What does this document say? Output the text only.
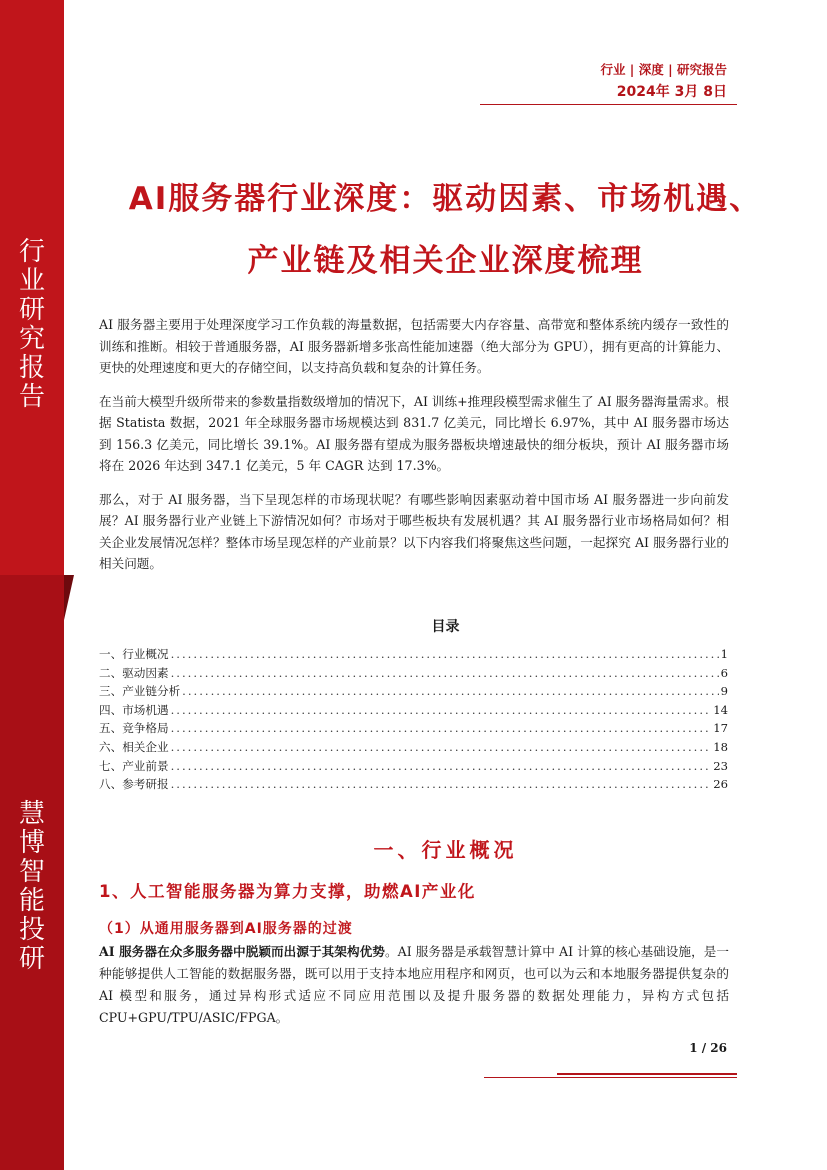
行
业
研
究
报
告
慧
博
智
能
投
研
行业 | 深度 | 研究报告
2024年 3月 8日
AI服务器行业深度：驱动因素、市场机遇、
产业链及相关企业深度梳理

AI 服务器主要用于处理深度学习工作负载的海量数据，包括需要大内存容量、高带宽和整体系统内缓存一致性的训练和推断。相较于普通服务器，AI 服务器新增多张高性能加速器（绝大部分为 GPU），拥有更高的计算能力、更快的处理速度和更大的存储空间，以支持高负载和复杂的计算任务。

在当前大模型升级所带来的参数量指数级增加的情况下，AI 训练+推理段模型需求催生了 AI 服务器海量需求。根据 Statista 数据，2021 年全球服务器市场规模达到 831.7 亿美元，同比增长 6.97%，其中 AI 服务器市场达到 156.3 亿美元，同比增长 39.1%。AI 服务器有望成为服务器板块增速最快的细分板块，预计 AI 服务器市场将在 2026 年达到 347.1 亿美元，5 年 CAGR 达到 17.3%。

那么，对于 AI 服务器，当下呈现怎样的市场现状呢？有哪些影响因素驱动着中国市场 AI 服务器进一步向前发展？AI 服务器行业产业链上下游情况如何？市场对于哪些板块有发展机遇？其 AI 服务器行业市场格局如何？相关企业发展情况怎样？整体市场呈现怎样的产业前景？以下内容我们将聚焦这些问题，一起探究 AI 服务器行业的相关问题。

目录
一、行业概况 .....	1
二、驱动因素 .....	6
三、产业链分析 .....	9
四、市场机遇 .....	14
五、竞争格局 .....	17
六、相关企业 .....	18
七、产业前景 .....	23
八、参考研报 .....	26
一、行业概况
1、人工智能服务器为算力支撑，助燃AI产业化
（1）从通用服务器到AI服务器的过渡
AI 服务器在众多服务器中脱颖而出源于其架构优势。AI 服务器是承载智慧计算中 AI 计算的核心基础设施，是一种能够提供人工智能的数据服务器，既可以用于支持本地应用程序和网页，也可以为云和本地服务器提供复杂的 AI 模型和服务，通过异构形式适应不同应用范围以及提升服务器的数据处理能力，异构方式包括 CPU+GPU/TPU/ASIC/FPGA。
1 / 26
